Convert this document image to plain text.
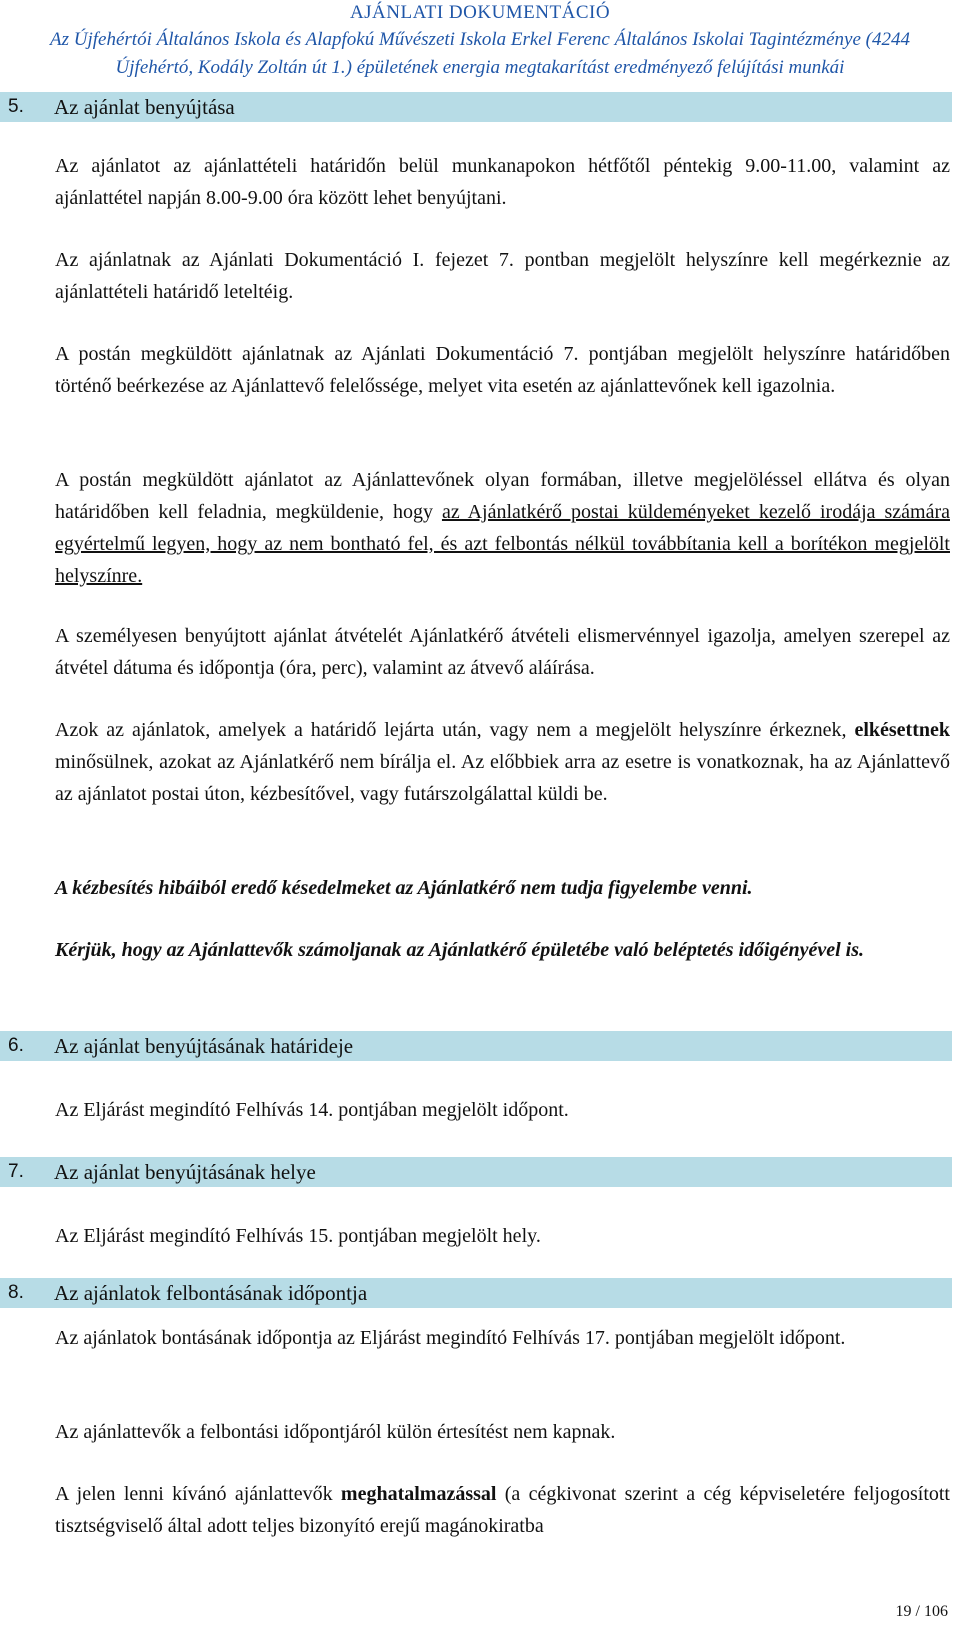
AJÁNLATI DOKUMENTÁCIÓ
Az Újfehértói Általános Iskola és Alapfokú Művészeti Iskola Erkel Ferenc Általános Iskolai Tagintézménye (4244
Újfehértó, Kodály Zoltán út 1.) épületének energia megtakarítást eredményező felújítási munkái
5.	Az ajánlat benyújtása

Az ajánlatot az ajánlattételi határidőn belül munkanapokon hétfőtől péntekig 9.00-11.00, valamint az ajánlattétel napján 8.00-9.00 óra között lehet benyújtani.

Az ajánlatnak az Ajánlati Dokumentáció I. fejezet 7. pontban megjelölt helyszínre kell megérkeznie az ajánlattételi határidő leteltéig.

A postán megküldött ajánlatnak az Ajánlati Dokumentáció 7. pontjában megjelölt helyszínre határidőben történő beérkezése az Ajánlattevő felelőssége, melyet vita esetén az ajánlattevőnek kell igazolnia.

A postán megküldött ajánlatot az Ajánlattevőnek olyan formában, illetve megjelöléssel ellátva és olyan határidőben kell feladnia, megküldenie, hogy az Ajánlatkérő postai küldeményeket kezelő irodája számára egyértelmű legyen, hogy az nem bontható fel, és azt felbontás nélkül továbbítania kell a borítékon megjelölt helyszínre.

A személyesen benyújtott ajánlat átvételét Ajánlatkérő átvételi elismervénnyel igazolja, amelyen szerepel az átvétel dátuma és időpontja (óra, perc), valamint az átvevő aláírása.

Azok az ajánlatok, amelyek a határidő lejárta után, vagy nem a megjelölt helyszínre érkeznek, elkésettnek minősülnek, azokat az Ajánlatkérő nem bírálja el. Az előbbiek arra az esetre is vonatkoznak, ha az Ajánlattevő az ajánlatot postai úton, kézbesítővel, vagy futárszolgálattal küldi be.

A kézbesítés hibáiból eredő késedelmeket az Ajánlatkérő nem tudja figyelembe venni.

Kérjük, hogy az Ajánlattevők számoljanak az Ajánlatkérő épületébe való beléptetés időigényével is.

6.	Az ajánlat benyújtásának határideje

Az Eljárást megindító Felhívás 14. pontjában megjelölt időpont.

7.	Az ajánlat benyújtásának helye

Az Eljárást megindító Felhívás 15. pontjában megjelölt hely.

8.	Az ajánlatok felbontásának időpontja

Az ajánlatok bontásának időpontja az Eljárást megindító Felhívás 17. pontjában megjelölt időpont.

Az ajánlattevők a felbontási időpontjáról külön értesítést nem kapnak.

A jelen lenni kívánó ajánlattevők meghatalmazással (a cégkivonat szerint a cég képviseletére feljogosított tisztségviselő által adott teljes bizonyító erejű magánokiratba

19 / 106
